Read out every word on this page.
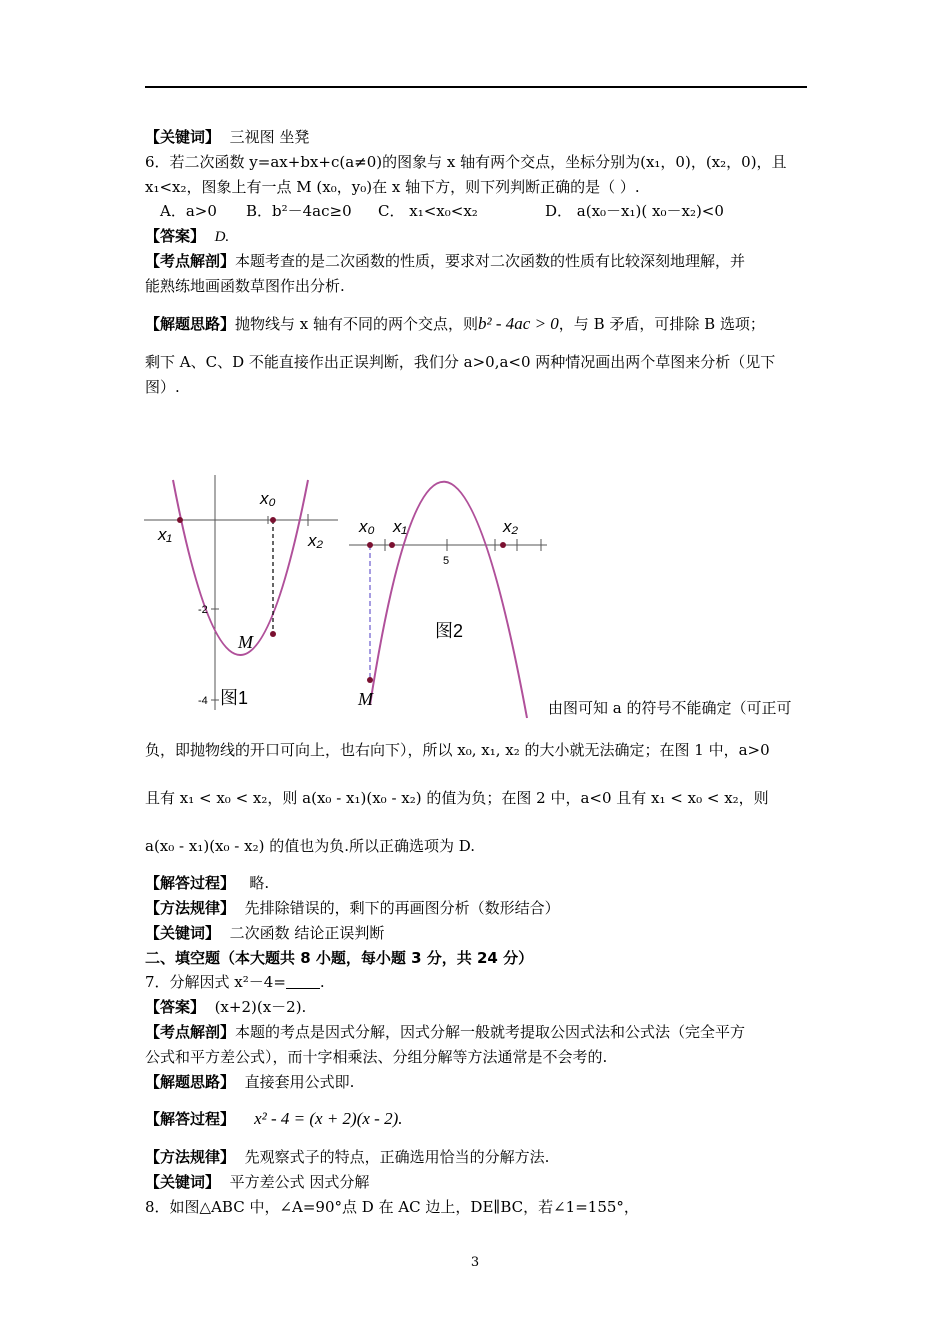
【关键词】 三视图 坐凳
6．若二次函数 y=ax+bx+c(a≠0)的图象与 x 轴有两个交点，坐标分别为(x₁，0)，(x₂，0)，且
x₁<x₂，图象上有一点 M (x₀，y₀)在 x 轴下方，则下列判断正确的是（ ）.
A．a>0 B．b²－4ac≥0 C． x₁<x₀<x₂	D． a(x₀－x₁)( x₀－x₂)<0
【答案】 D.
【考点解剖】本题考查的是二次函数的性质，要求对二次函数的性质有比较深刻地理解，并
能熟练地画函数草图作出分析.
【解题思路】抛物线与 x 轴有不同的两个交点，则b² - 4ac > 0，与 B 矛盾，可排除 B 选项；
剩下 A、C、D 不能直接作出正误判断，我们分 a>0,a<0 两种情况画出两个草图来分析（见下
图）.
x₀
x₁	x₂
M
-2
-4 图1
x₀ x₁	x₂
5
图2
M	由图可知 a 的符号不能确定（可正可
负，即抛物线的开口可向上，也右向下），所以 x₀, x₁, x₂ 的大小就无法确定；在图 1 中，a>0
且有 x₁ < x₀ < x₂，则 a(x₀ - x₁)(x₀ - x₂) 的值为负；在图 2 中，a<0 且有 x₁ < x₀ < x₂，则
a(x₀ - x₁)(x₀ - x₂) 的值也为负.所以正确选项为 D.
【解答过程】 略.
【方法规律】 先排除错误的，剩下的再画图分析（数形结合）
【关键词】 二次函数 结论正误判断
二、填空题（本大题共 8 小题，每小题 3 分，共 24 分）
7．分解因式 x²－4= .
【答案】 (x+2)(x－2).
【考点解剖】本题的考点是因式分解，因式分解一般就考提取公因式法和公式法（完全平方
公式和平方差公式），而十字相乘法、分组分解等方法通常是不会考的.
【解题思路】 直接套用公式即.
【解答过程】 x² - 4 = (x + 2)(x - 2).
【方法规律】 先观察式子的特点，正确选用恰当的分解方法.
【关键词】 平方差公式 因式分解
8．如图△ABC 中，∠A=90°点 D 在 AC 边上，DE∥BC，若∠1=155°，
3
